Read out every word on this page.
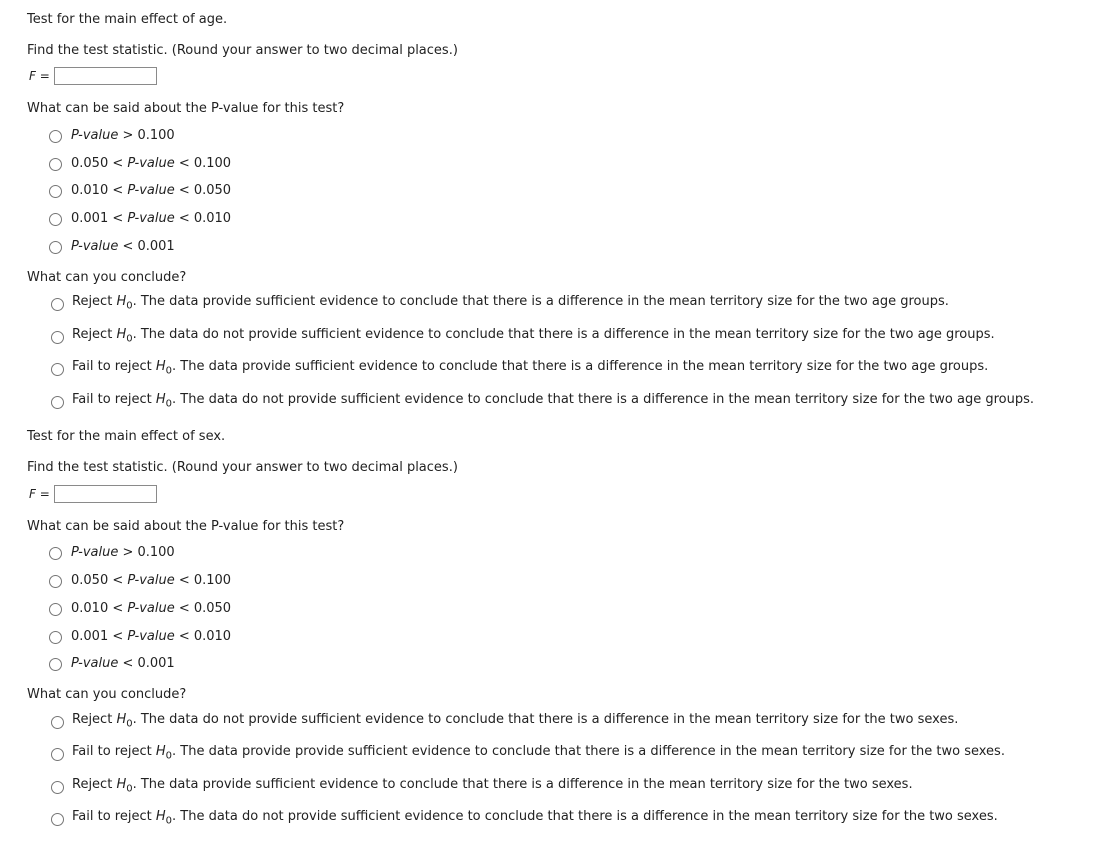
Test for the main effect of age.
Find the test statistic. (Round your answer to two decimal places.)
F =
What can be said about the P-value for this test?
P-value > 0.100
0.050 < P-value < 0.100
0.010 < P-value < 0.050
0.001 < P-value < 0.010
P-value < 0.001
What can you conclude?
Reject $H_0$. The data provide sufficient evidence to conclude that there is a difference in the mean territory size for the two age groups.
Reject $H_0$. The data do not provide sufficient evidence to conclude that there is a difference in the mean territory size for the two age groups.
Fail to reject $H_0$. The data provide sufficient evidence to conclude that there is a difference in the mean territory size for the two age groups.
Fail to reject $H_0$. The data do not provide sufficient evidence to conclude that there is a difference in the mean territory size for the two age groups.
Test for the main effect of sex.
Find the test statistic. (Round your answer to two decimal places.)
F =
What can be said about the P-value for this test?
P-value > 0.100
0.050 < P-value < 0.100
0.010 < P-value < 0.050
0.001 < P-value < 0.010
P-value < 0.001
What can you conclude?
Reject $H_0$. The data do not provide sufficient evidence to conclude that there is a difference in the mean territory size for the two sexes.
Fail to reject $H_0$. The data provide provide sufficient evidence to conclude that there is a difference in the mean territory size for the two sexes.
Reject $H_0$. The data provide sufficient evidence to conclude that there is a difference in the mean territory size for the two sexes.
Fail to reject $H_0$. The data do not provide sufficient evidence to conclude that there is a difference in the mean territory size for the two sexes.
